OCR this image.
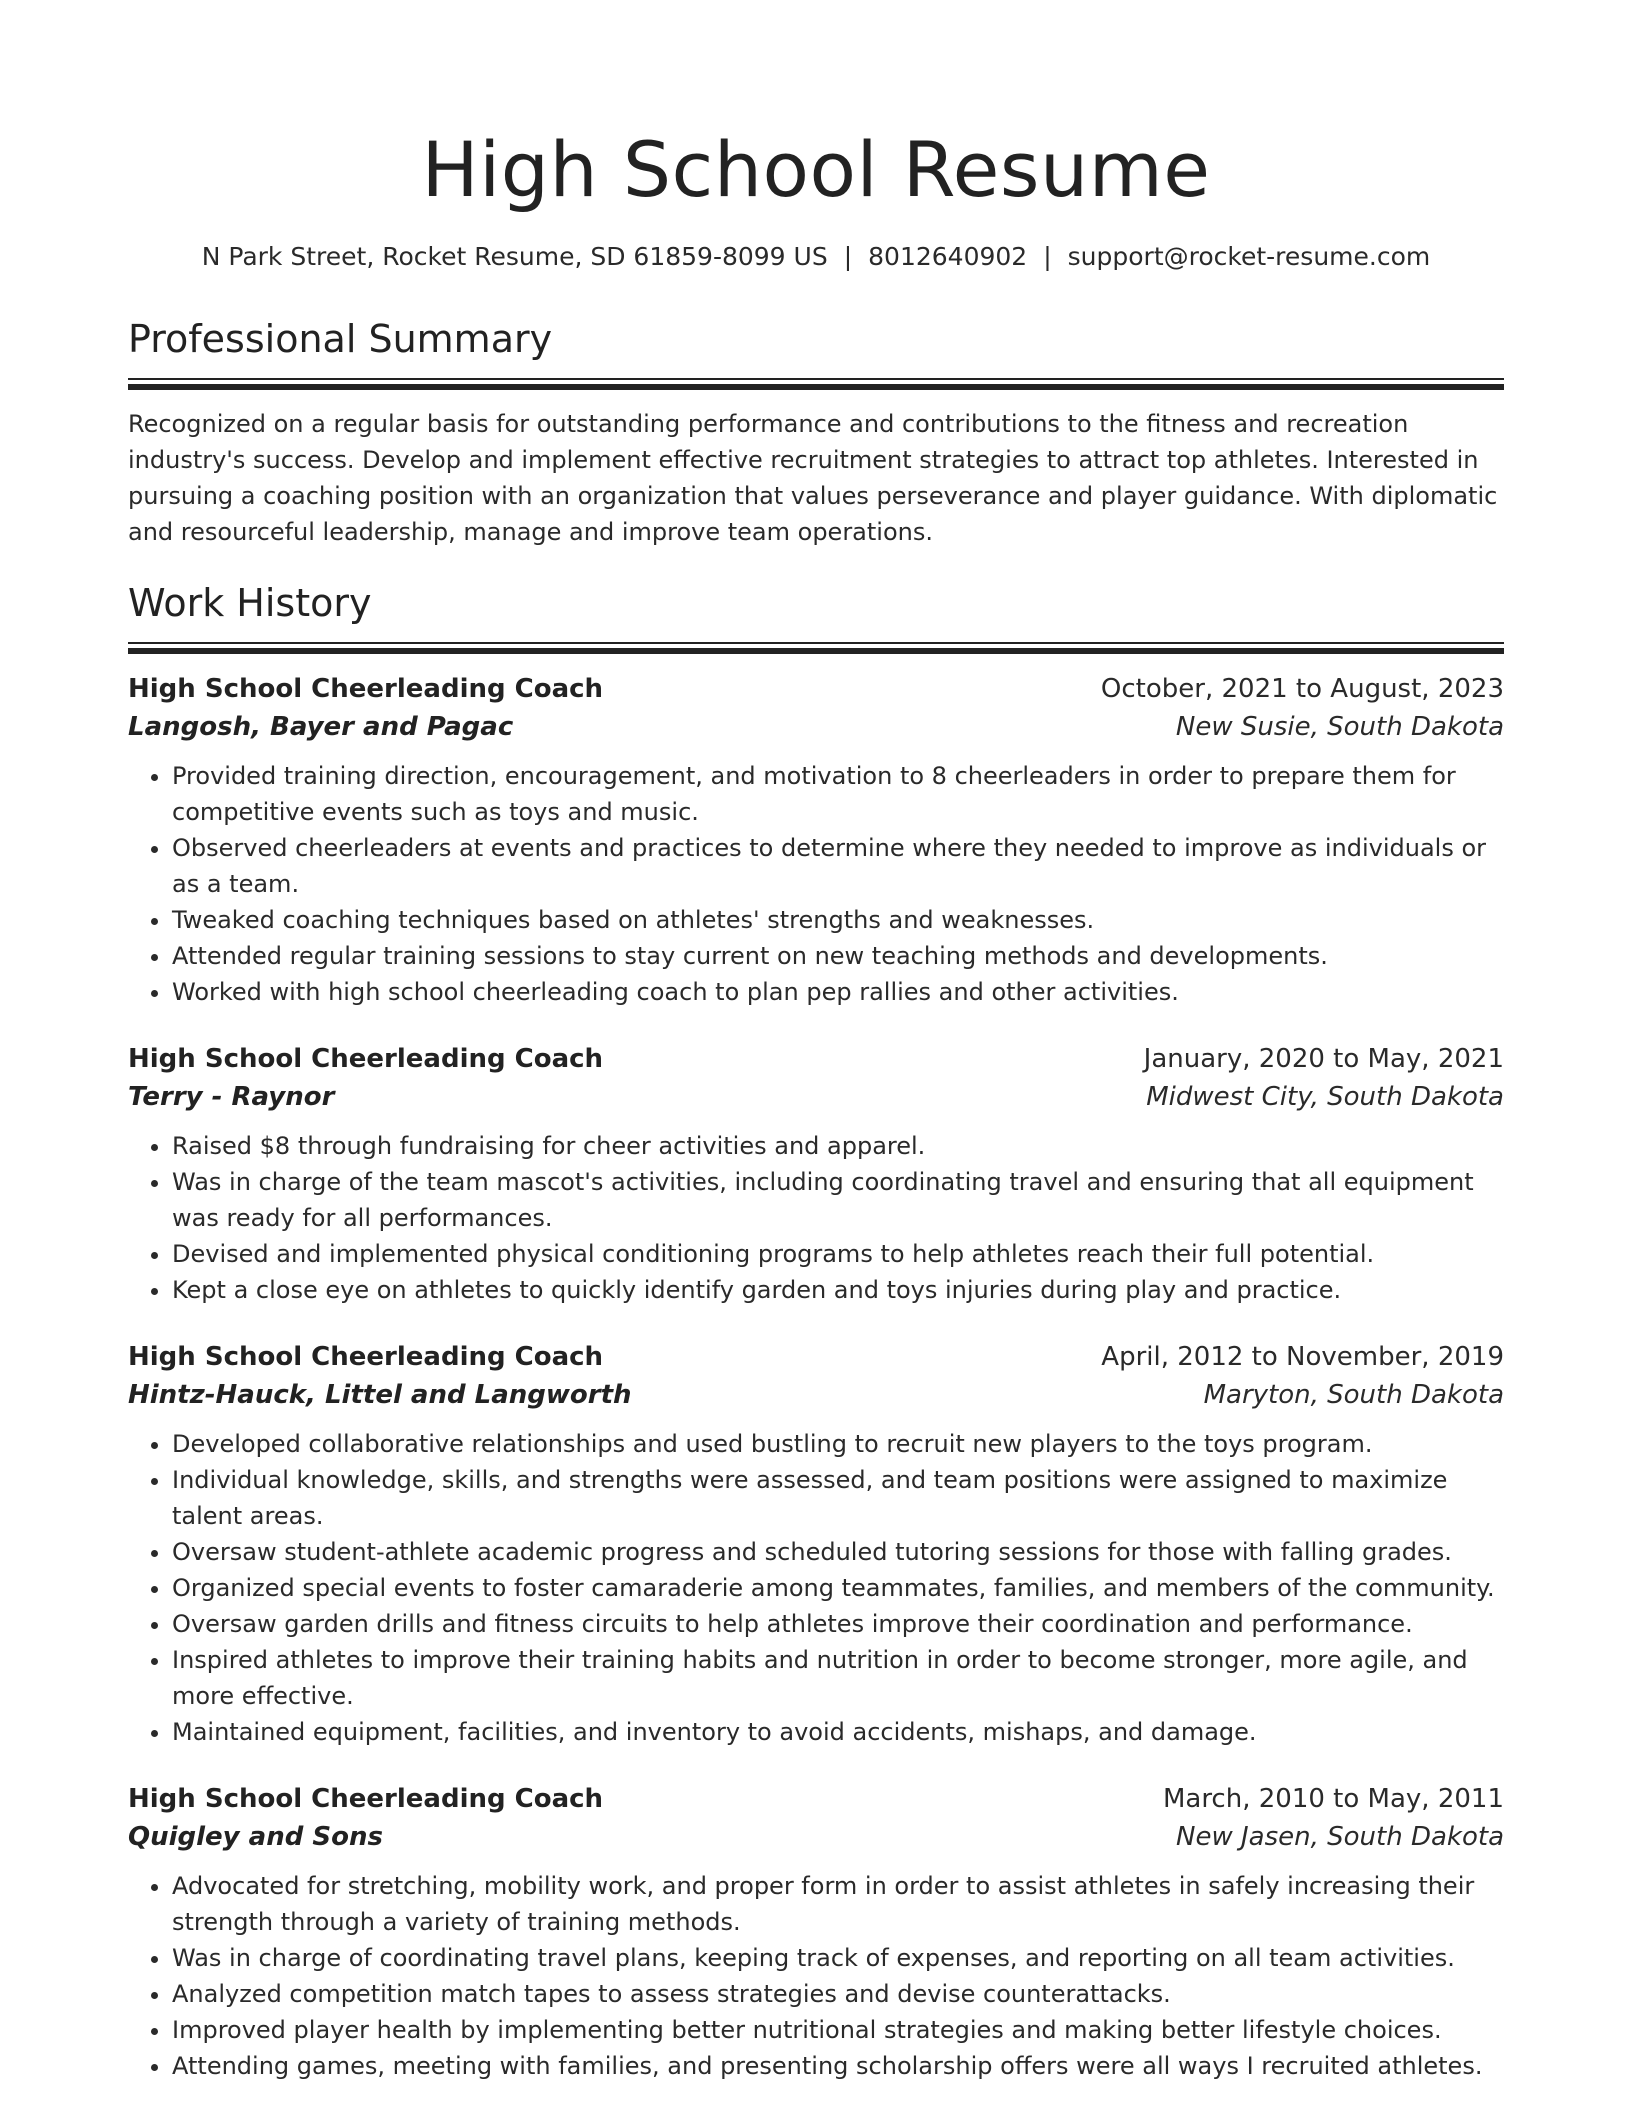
High School Resume
N Park Street, Rocket Resume, SD 61859-8099 US | 8012640902 | support@rocket-resume.com
Professional Summary
Recognized on a regular basis for outstanding performance and contributions to the fitness and recreation industry's success. Develop and implement effective recruitment strategies to attract top athletes. Interested in pursuing a coaching position with an organization that values perseverance and player guidance. With diplomatic and resourceful leadership, manage and improve team operations.
Work History
High School Cheerleading Coach	October, 2021 to August, 2023
Langosh, Bayer and Pagac	New Susie, South Dakota
• Provided training direction, encouragement, and motivation to 8 cheerleaders in order to prepare them for competitive events such as toys and music.
• Observed cheerleaders at events and practices to determine where they needed to improve as individuals or as a team.
• Tweaked coaching techniques based on athletes' strengths and weaknesses.
• Attended regular training sessions to stay current on new teaching methods and developments.
• Worked with high school cheerleading coach to plan pep rallies and other activities.
High School Cheerleading Coach	January, 2020 to May, 2021
Terry - Raynor	Midwest City, South Dakota
• Raised $8 through fundraising for cheer activities and apparel.
• Was in charge of the team mascot's activities, including coordinating travel and ensuring that all equipment was ready for all performances.
• Devised and implemented physical conditioning programs to help athletes reach their full potential.
• Kept a close eye on athletes to quickly identify garden and toys injuries during play and practice.
High School Cheerleading Coach	April, 2012 to November, 2019
Hintz-Hauck, Littel and Langworth	Maryton, South Dakota
• Developed collaborative relationships and used bustling to recruit new players to the toys program.
• Individual knowledge, skills, and strengths were assessed, and team positions were assigned to maximize talent areas.
• Oversaw student-athlete academic progress and scheduled tutoring sessions for those with falling grades.
• Organized special events to foster camaraderie among teammates, families, and members of the community.
• Oversaw garden drills and fitness circuits to help athletes improve their coordination and performance.
• Inspired athletes to improve their training habits and nutrition in order to become stronger, more agile, and more effective.
• Maintained equipment, facilities, and inventory to avoid accidents, mishaps, and damage.
High School Cheerleading Coach	March, 2010 to May, 2011
Quigley and Sons	New Jasen, South Dakota
• Advocated for stretching, mobility work, and proper form in order to assist athletes in safely increasing their strength through a variety of training methods.
• Was in charge of coordinating travel plans, keeping track of expenses, and reporting on all team activities.
• Analyzed competition match tapes to assess strategies and devise counterattacks.
• Improved player health by implementing better nutritional strategies and making better lifestyle choices.
• Attending games, meeting with families, and presenting scholarship offers were all ways I recruited athletes.
